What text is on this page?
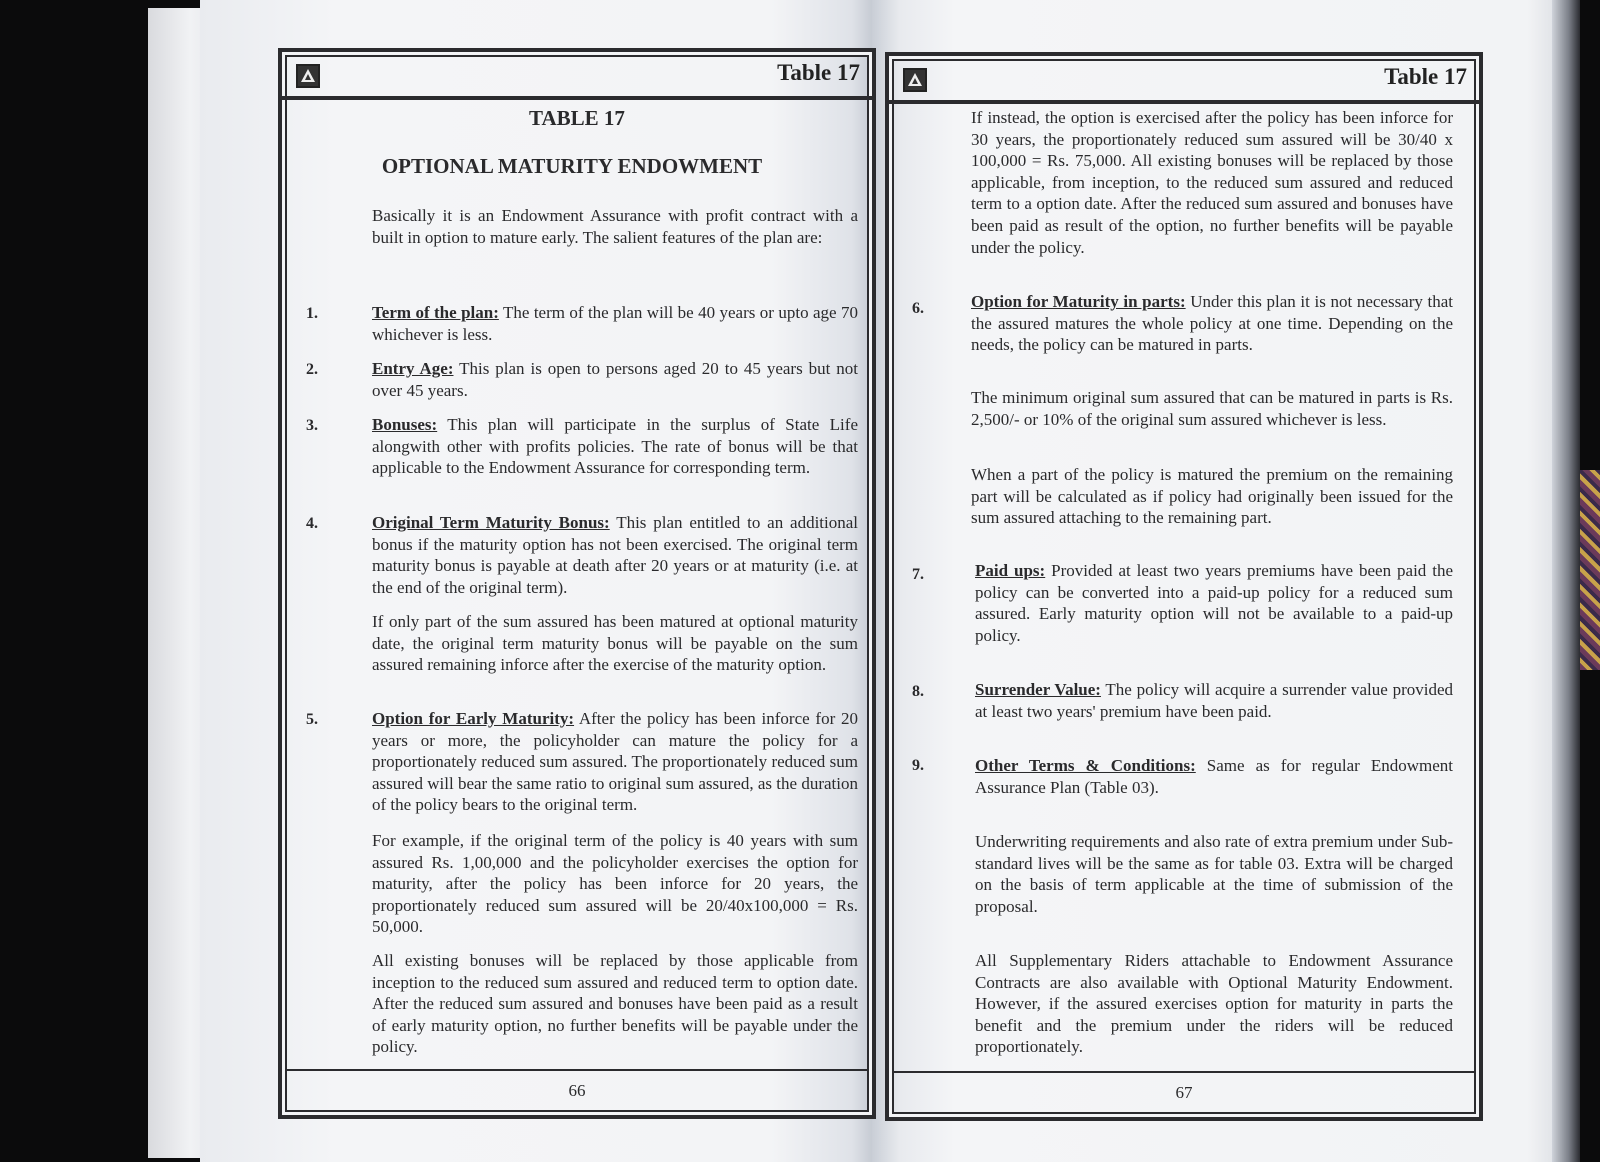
Table 17
TABLE 17
OPTIONAL MATURITY ENDOWMENT
66
Table 17
67
Basically it is an Endowment Assurance with profit contract with a built in option to mature early. The salient features of the plan are:
1.	Term of the plan: The term of the plan will be 40 years or upto age 70 whichever is less.
2.	Entry Age: This plan is open to persons aged 20 to 45 years but not over 45 years.
3.	Bonuses: This plan will participate in the surplus of State Life alongwith other with profits policies. The rate of bonus will be that applicable to the Endowment Assurance for corresponding term.
4.	Original Term Maturity Bonus: This plan entitled to an additional bonus if the maturity option has not been exercised. The original term maturity bonus is payable at death after 20 years or at maturity (i.e. at the end of the original term).
If only part of the sum assured has been matured at optional maturity date, the original term maturity bonus will be payable on the sum assured remaining inforce after the exercise of the maturity option.
5.	Option for Early Maturity: After the policy has been inforce for 20 years or more, the policyholder can mature the policy for a proportionately reduced sum assured. The proportionately reduced sum assured will bear the same ratio to original sum assured, as the duration of the policy bears to the original term.
For example, if the original term of the policy is 40 years with sum assured Rs. 1,00,000 and the policyholder exercises the option for maturity, after the policy has been inforce for 20 years, the proportionately reduced sum assured will be 20/40x100,000 = Rs. 50,000.
All existing bonuses will be replaced by those applicable from inception to the reduced sum assured and reduced term to option date. After the reduced sum assured and bonuses have been paid as a result of early maturity option, no further benefits will be payable under the policy.
If instead, the option is exercised after the policy has been inforce for 30 years, the proportionately reduced sum assured will be 30/40 x 100,000 = Rs. 75,000. All existing bonuses will be replaced by those applicable, from inception, to the reduced sum assured and reduced term to a option date. After the reduced sum assured and bonuses have been paid as result of the option, no further benefits will be payable under the policy.
6.	Option for Maturity in parts: Under this plan it is not necessary that the assured matures the whole policy at one time. Depending on the needs, the policy can be matured in parts.
The minimum original sum assured that can be matured in parts is Rs. 2,500/- or 10% of the original sum assured whichever is less.
When a part of the policy is matured the premium on the remaining part will be calculated as if policy had originally been issued for the sum assured attaching to the remaining part.
7.	Paid ups: Provided at least two years premiums have been paid the policy can be converted into a paid-up policy for a reduced sum assured. Early maturity option will not be available to a paid-up policy.
8.	Surrender Value: The policy will acquire a surrender value provided at least two years' premium have been paid.
9.	Other Terms & Conditions: Same as for regular Endowment Assurance Plan (Table 03).
Underwriting requirements and also rate of extra premium under Sub-standard lives will be the same as for table 03. Extra will be charged on the basis of term applicable at the time of submission of the proposal.
All Supplementary Riders attachable to Endowment Assurance Contracts are also available with Optional Maturity Endowment. However, if the assured exercises option for maturity in parts the benefit and the premium under the riders will be reduced proportionately.
